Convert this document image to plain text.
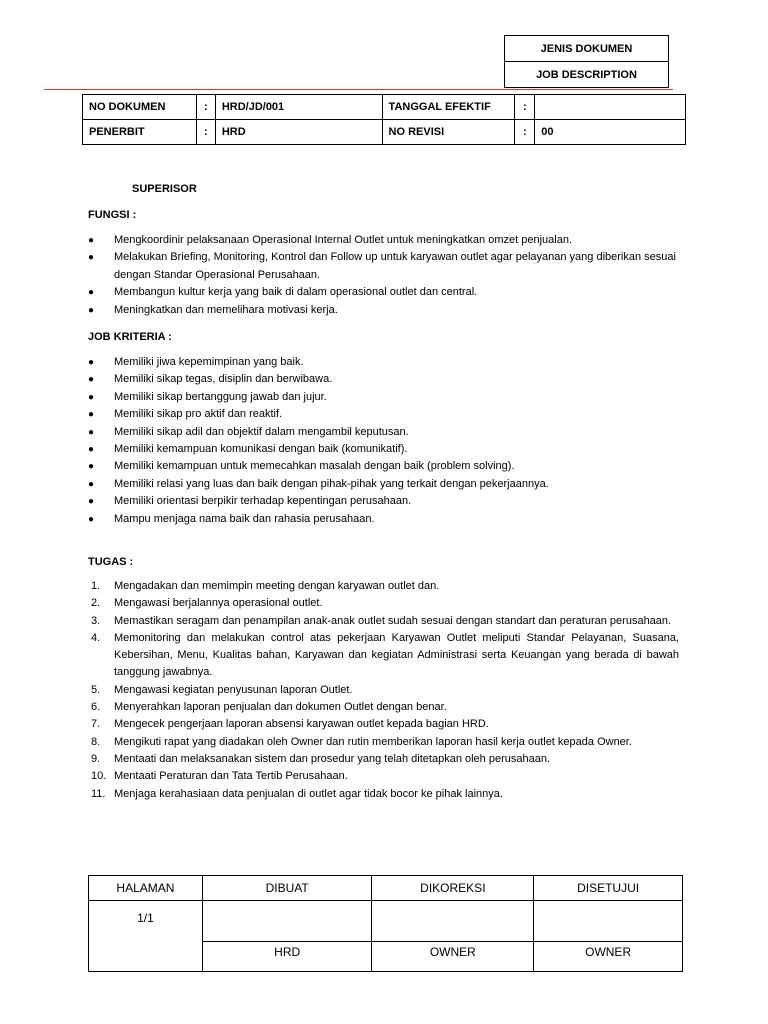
JENIS DOKUMEN
JOB DESCRIPTION
NO DOKUMEN	:	HRD/JD/001	TANGGAL EFEKTIF	:	
PENERBIT	:	HRD	NO REVISI	:	00
SUPERISOR
FUNGSI :
● Mengkoordinir pelaksanaan Operasional Internal Outlet untuk meningkatkan omzet penjualan.
● Melakukan Briefing, Monitoring, Kontrol dan Follow up untuk karyawan outlet agar pelayanan yang diberikan sesuai dengan Standar Operasional Perusahaan.
● Membangun kultur kerja yang baik di dalam operasional outlet dan central.
● Meningkatkan dan memelihara motivasi kerja.
JOB KRITERIA :
● Memiliki jiwa kepemimpinan yang baik.
● Memiliki sikap tegas, disiplin dan berwibawa.
● Memiliki sikap bertanggung jawab dan jujur.
● Memiliki sikap pro aktif dan reaktif.
● Memiliki sikap adil dan objektif dalam mengambil keputusan.
● Memiliki kemampuan komunikasi dengan baik (komunikatif).
● Memiliki kemampuan untuk memecahkan masalah dengan baik (problem solving).
● Memiliki relasi yang luas dan baik dengan pihak-pihak yang terkait dengan pekerjaannya.
● Memiliki orientasi berpikir terhadap kepentingan perusahaan.
● Mampu menjaga nama baik dan rahasia perusahaan.
TUGAS :
1. Mengadakan dan memimpin meeting dengan karyawan outlet dan.
2. Mengawasi berjalannya operasional outlet.
3. Memastikan seragam dan penampilan anak-anak outlet sudah sesuai dengan standart dan peraturan perusahaan.
4. Memonitoring dan melakukan control atas pekerjaan Karyawan Outlet meliputi Standar Pelayanan, Suasana, Kebersihan, Menu, Kualitas bahan, Karyawan dan kegiatan Administrasi serta Keuangan yang berada di bawah tanggung jawabnya.
5. Mengawasi kegiatan penyusunan laporan Outlet.
6. Menyerahkan laporan penjualan dan dokumen Outlet dengan benar.
7. Mengecek pengerjaan laporan absensi karyawan outlet kepada bagian HRD.
8. Mengikuti rapat yang diadakan oleh Owner dan rutin memberikan laporan hasil kerja outlet kepada Owner.
9. Mentaati dan melaksanakan sistem dan prosedur yang telah ditetapkan oleh perusahaan.
10. Mentaati Peraturan dan Tata Tertib Perusahaan.
11. Menjaga kerahasiaan data penjualan di outlet agar tidak bocor ke pihak lainnya.
HALAMAN	DIBUAT	DIKOREKSI	DISETUJUI
1/1			
	HRD	OWNER	OWNER
